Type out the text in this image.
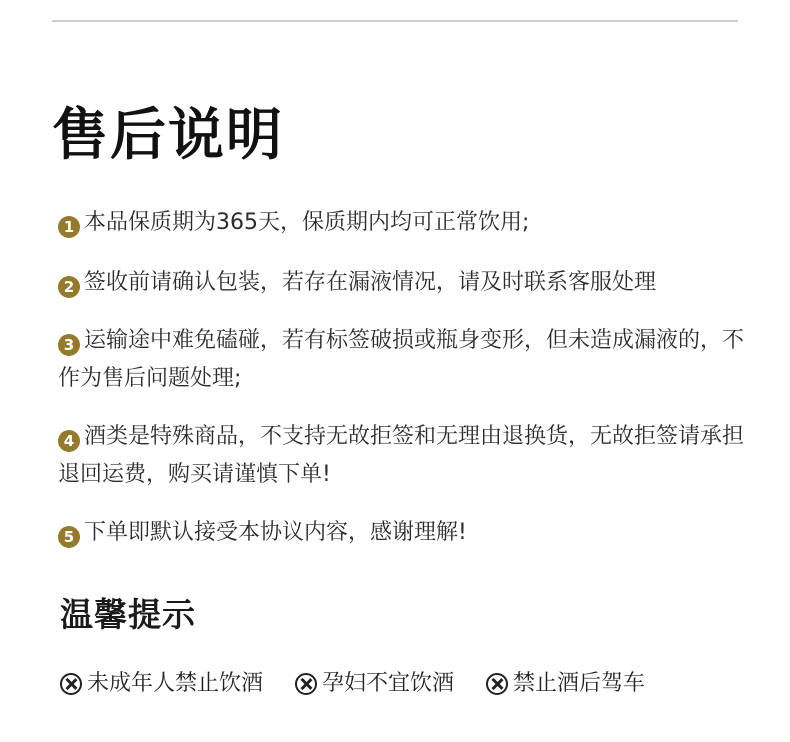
售后说明

1 本品保质期为365天，保质期内均可正常饮用;

2 签收前请确认包装，若存在漏液情况，请及时联系客服处理

3 运输途中难免磕碰，若有标签破损或瓶身变形，但未造成漏液的，不作为售后问题处理;

4 酒类是特殊商品，不支持无故拒签和无理由退换货，无故拒签请承担退回运费，购买请谨慎下单!

5 下单即默认接受本协议内容，感谢理解!

温馨提示
未成年人禁止饮酒	孕妇不宜饮酒	禁止酒后驾车
